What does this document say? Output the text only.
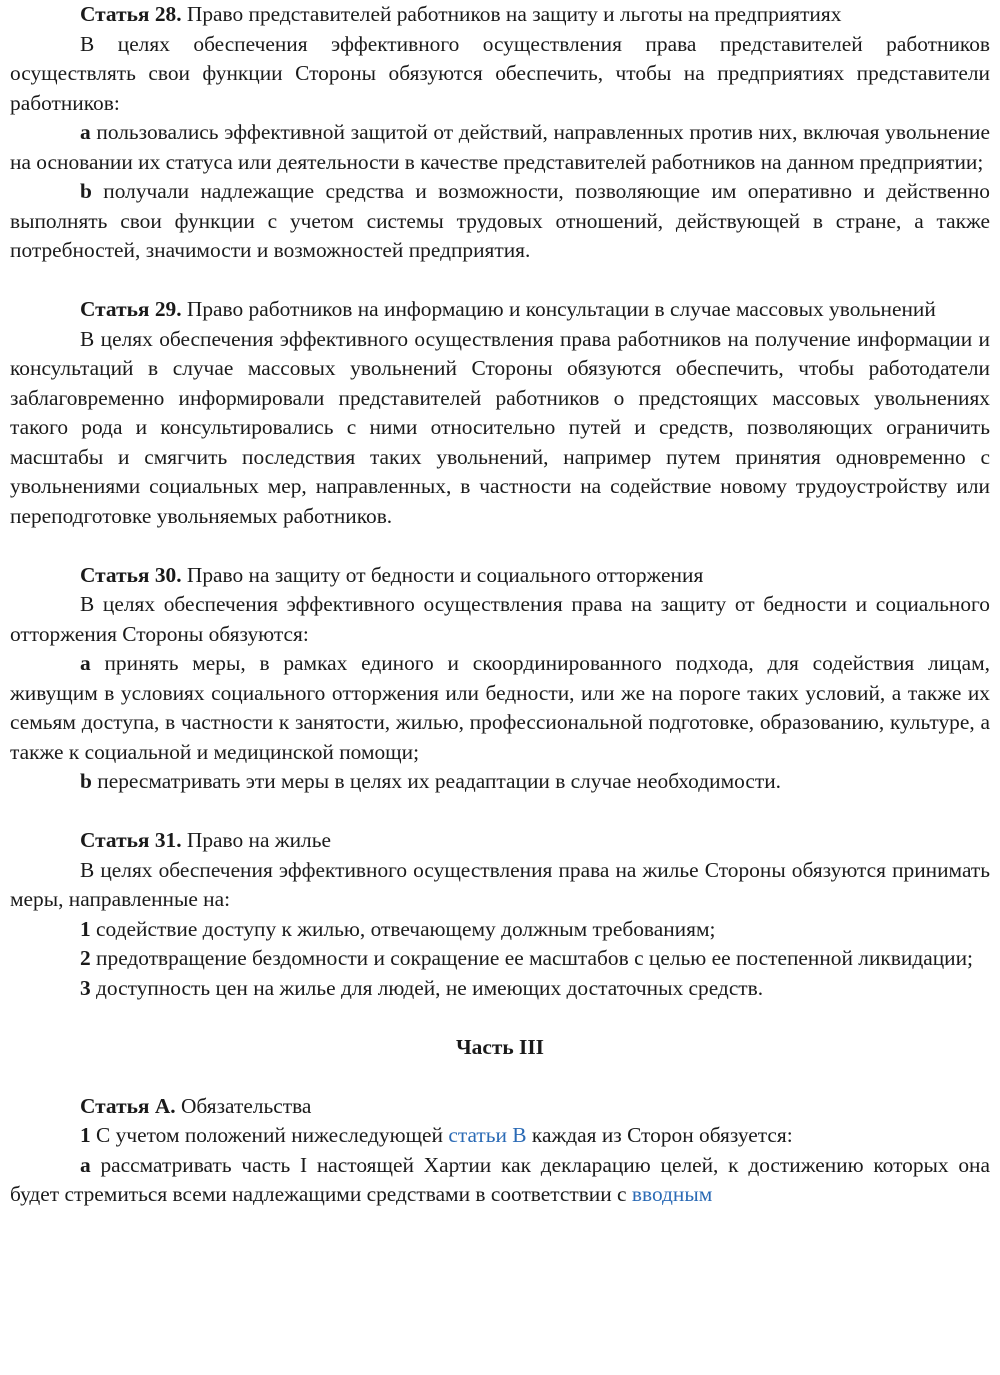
Статья 28. Право представителей работников на защиту и льготы на предприятиях

В целях обеспечения эффективного осуществления права представителей работников осуществлять свои функции Стороны обязуются обеспечить, чтобы на предприятиях представители работников:

a пользовались эффективной защитой от действий, направленных против них, включая увольнение на основании их статуса или деятельности в качестве представителей работников на данном предприятии;

b получали надлежащие средства и возможности, позволяющие им оперативно и действенно выполнять свои функции с учетом системы трудовых отношений, действующей в стране, а также потребностей, значимости и возможностей предприятия.

Статья 29. Право работников на информацию и консультации в случае массовых увольнений

В целях обеспечения эффективного осуществления права работников на получение информации и консультаций в случае массовых увольнений Стороны обязуются обеспечить, чтобы работодатели заблаговременно информировали представителей работников о предстоящих массовых увольнениях такого рода и консультировались с ними относительно путей и средств, позволяющих ограничить масштабы и смягчить последствия таких увольнений, например путем принятия одновременно с увольнениями социальных мер, направленных, в частности на содействие новому трудоустройству или переподготовке увольняемых работников.

Статья 30. Право на защиту от бедности и социального отторжения

В целях обеспечения эффективного осуществления права на защиту от бедности и социального отторжения Стороны обязуются:

a принять меры, в рамках единого и скоординированного подхода, для содействия лицам, живущим в условиях социального отторжения или бедности, или же на пороге таких условий, а также их семьям доступа, в частности к занятости, жилью, профессиональной подготовке, образованию, культуре, а также к социальной и медицинской помощи;

b пересматривать эти меры в целях их реадаптации в случае необходимости.

Статья 31. Право на жилье

В целях обеспечения эффективного осуществления права на жилье Стороны обязуются принимать меры, направленные на:

1 содействие доступу к жилью, отвечающему должным требованиям;

2 предотвращение бездомности и сокращение ее масштабов с целью ее постепенной ликвидации;

3 доступность цен на жилье для людей, не имеющих достаточных средств.

Часть III

Статья А. Обязательства

1 С учетом положений нижеследующей статьи В каждая из Сторон обязуется:

a рассматривать часть I настоящей Хартии как декларацию целей, к достижению которых она будет стремиться всеми надлежащими средствами в соответствии с вводным
